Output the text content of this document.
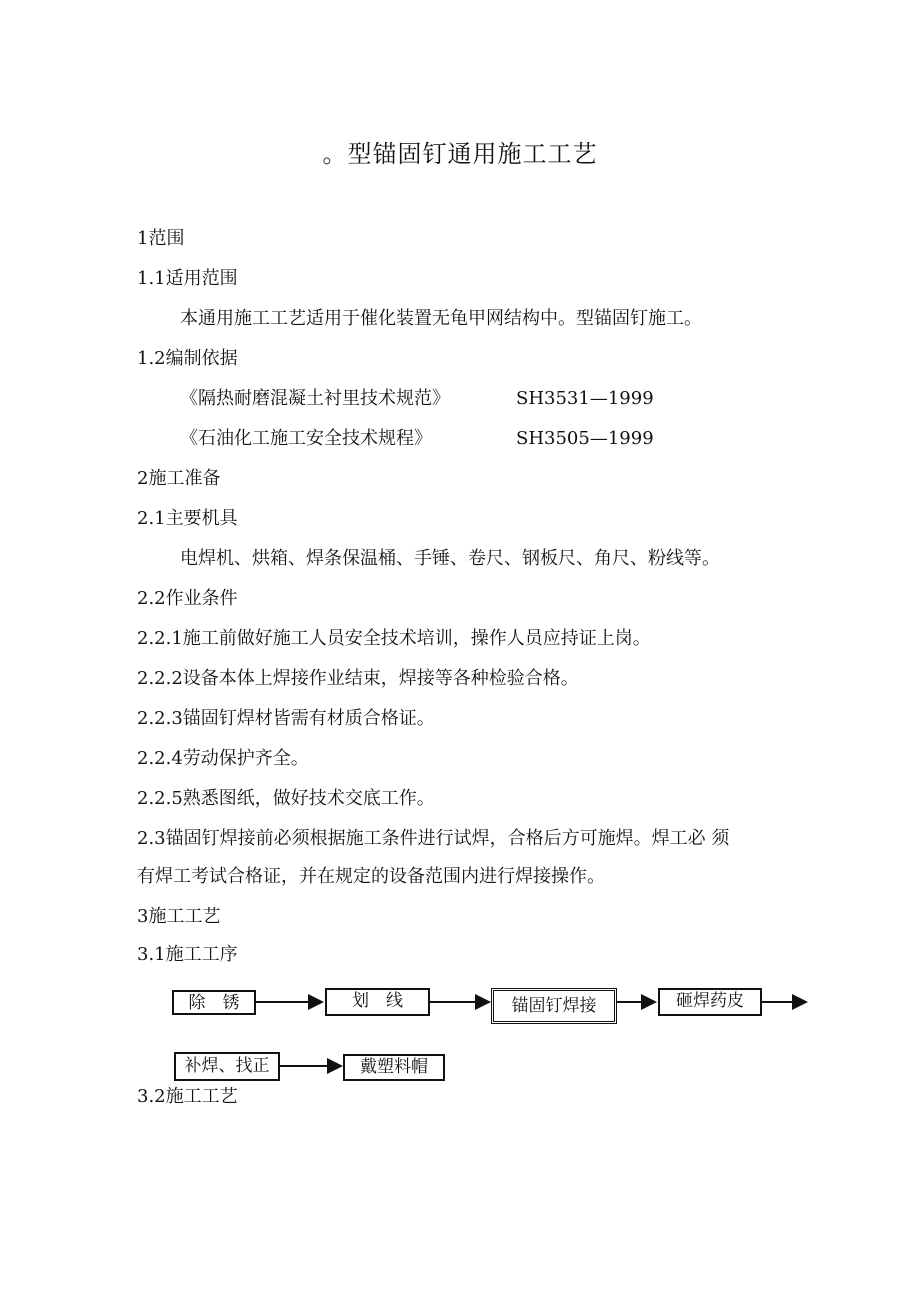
。型锚固钉通用施工工艺
1范围
1.1适用范围
本通用施工工艺适用于催化装置无龟甲网结构中。型锚固钉施工。
1.2编制依据
《隔热耐磨混凝土衬里技术规范》	SH3531—1999
《石油化工施工安全技术规程》	SH3505—1999
2施工准备
2.1主要机具
电焊机、烘箱、焊条保温桶、手锤、卷尺、钢板尺、角尺、粉线等。
2.2作业条件
2.2.1施工前做好施工人员安全技术培训，操作人员应持证上岗。
2.2.2设备本体上焊接作业结束，焊接等各种检验合格。
2.2.3锚固钉焊材皆需有材质合格证。
2.2.4劳动保护齐全。
2.2.5熟悉图纸，做好技术交底工作。
2.3锚固钉焊接前必须根据施工条件进行试焊，合格后方可施焊。焊工必 须
有焊工考试合格证，并在规定的设备范围内进行焊接操作。
3施工工艺
3.1施工工序
除　锈	划　线	锚固钉焊接	砸焊药皮
补焊、找正	戴塑料帽
3.2施工工艺
